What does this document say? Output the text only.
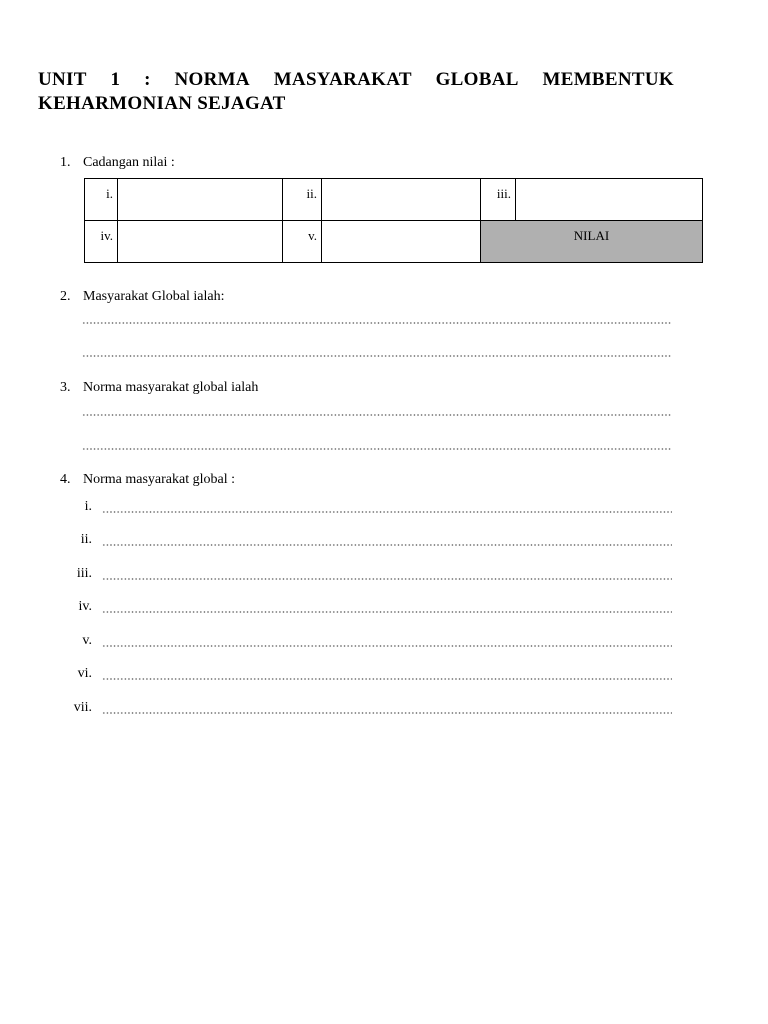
UNIT 1 : NORMA MASYARAKAT GLOBAL MEMBENTUK
KEHARMONIAN SEJAGAT
1. Cadangan nilai :
i.		ii.		iii.	
iv.		v.		NILAI	
2. Masyarakat Global ialah:
3. Norma masyarakat global ialah
4. Norma masyarakat global :
i.
ii.
iii.
iv.
v.
vi.
vii.
